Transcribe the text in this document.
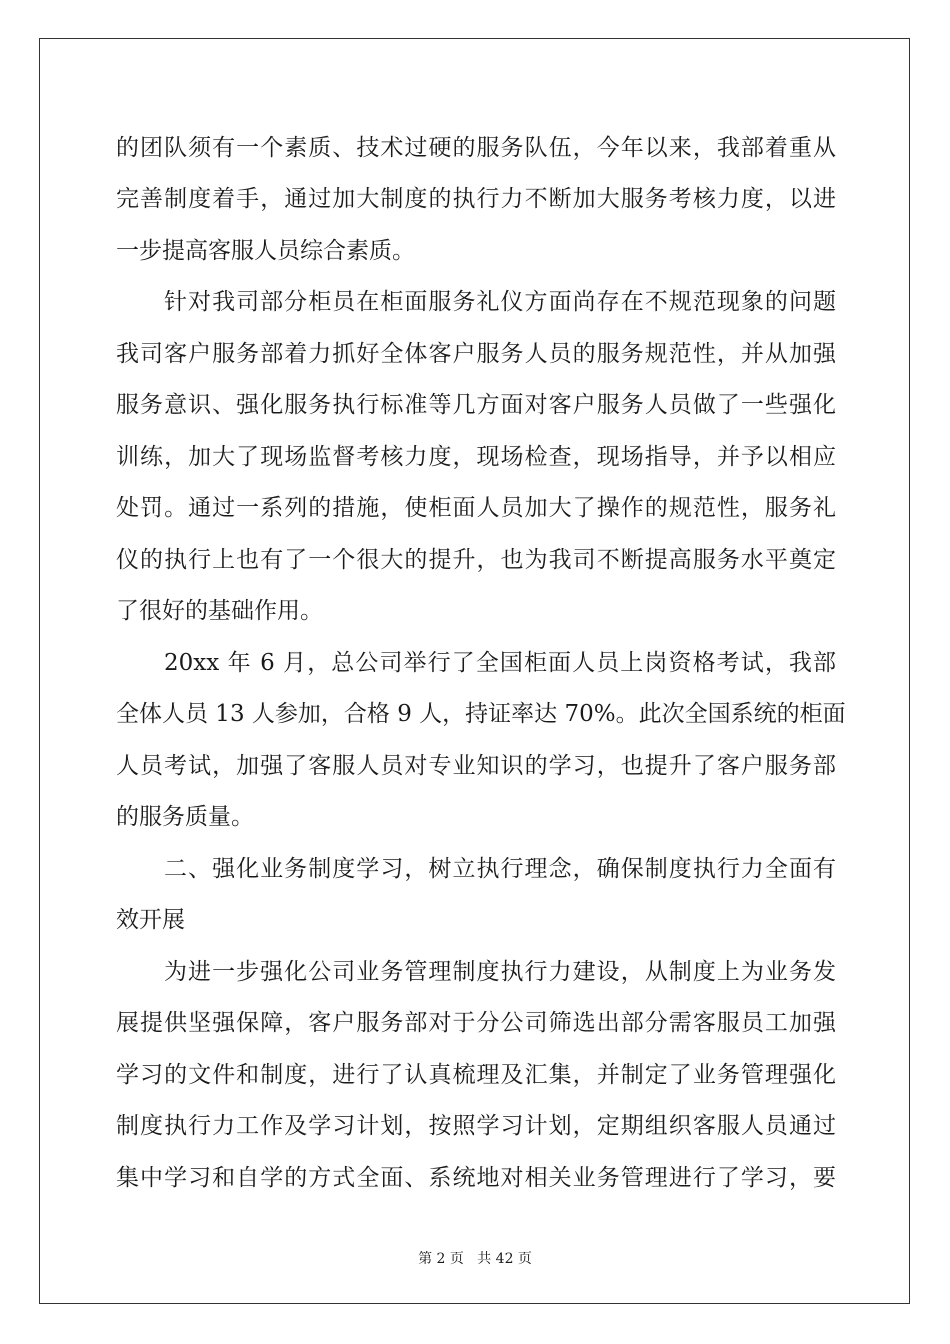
的团队须有一个素质、技术过硬的服务队伍，今年以来，我部着重从
完善制度着手，通过加大制度的执行力不断加大服务考核力度，以进
一步提高客服人员综合素质。
针对我司部分柜员在柜面服务礼仪方面尚存在不规范现象的问题
我司客户服务部着力抓好全体客户服务人员的服务规范性，并从加强
服务意识、强化服务执行标准等几方面对客户服务人员做了一些强化
训练，加大了现场监督考核力度，现场检查，现场指导，并予以相应
处罚。通过一系列的措施，使柜面人员加大了操作的规范性，服务礼
仪的执行上也有了一个很大的提升，也为我司不断提高服务水平奠定
了很好的基础作用。
20xx 年 6 月，总公司举行了全国柜面人员上岗资格考试，我部
全体人员 13 人参加，合格 9 人，持证率达 70%。此次全国系统的柜面
人员考试，加强了客服人员对专业知识的学习，也提升了客户服务部
的服务质量。
二、强化业务制度学习，树立执行理念，确保制度执行力全面有
效开展
为进一步强化公司业务管理制度执行力建设，从制度上为业务发
展提供坚强保障，客户服务部对于分公司筛选出部分需客服员工加强
学习的文件和制度，进行了认真梳理及汇集，并制定了业务管理强化
制度执行力工作及学习计划，按照学习计划，定期组织客服人员通过
集中学习和自学的方式全面、系统地对相关业务管理进行了学习，要
第 2 页   共 42 页
